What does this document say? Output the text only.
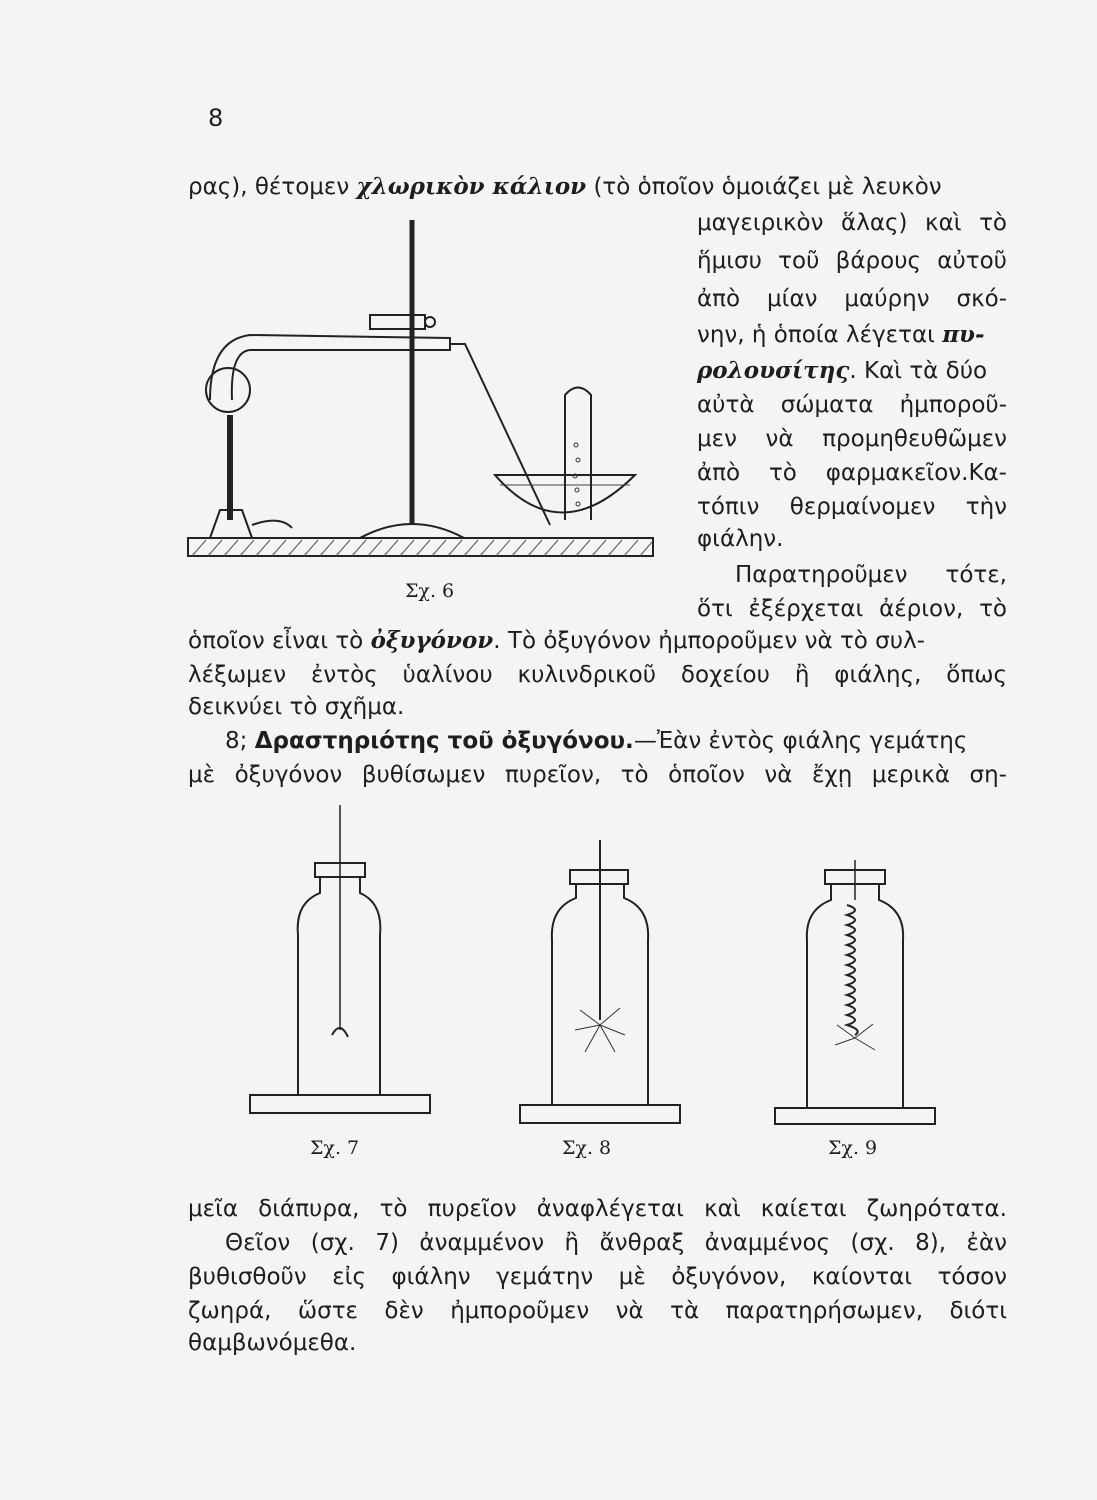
8
ρας), θέτομεν χλωρικὸν κάλιον (τὸ ὁποῖον ὁμοιάζει μὲ λευκὸν
μαγειρικὸν ἅλας) καὶ τὸ
ἥμισυ τοῦ βάρους αὐτοῦ
ἀπὸ μίαν μαύρην σκό-
νην, ἡ ὁποία λέγεται πυ-
ρολουσίτης. Καὶ τὰ δύο
αὐτὰ σώματα ἠμποροῦ-
μεν νὰ προμηθευθῶμεν
ἀπὸ τὸ φαρμακεῖον.Κα-
τόπιν θερμαίνομεν τὴν
φιάλην.
Παρατηροῦμεν τότε,
ὅτι ἐξέρχεται ἀέριον, τὸ
ὁποῖον εἶναι τὸ ὀξυγόνον. Τὸ ὀξυγόνον ἠμποροῦμεν νὰ τὸ συλ-
λέξωμεν ἐντὸς ὑαλίνου κυλινδρικοῦ δοχείου ἢ φιάλης, ὅπως
δεικνύει τὸ σχῆμα.
8; Δραστηριότης τοῦ ὀξυγόνου.—Ἐὰν ἐντὸς φιάλης γεμάτης
μὲ ὀξυγόνον βυθίσωμεν πυρεῖον, τὸ ὁποῖον νὰ ἔχῃ μερικὰ ση-
Σχ. 6
Σχ. 7	Σχ. 8	Σχ. 9
μεῖα διάπυρα, τὸ πυρεῖον ἀναφλέγεται καὶ καίεται ζωηρότατα.
Θεῖον (σχ. 7) ἀναμμένον ἢ ἄνθραξ ἀναμμένος (σχ. 8), ἐὰν
βυθισθοῦν εἰς φιάλην γεμάτην μὲ ὀξυγόνον, καίονται τόσον
ζωηρά, ὥστε δὲν ἠμποροῦμεν νὰ τὰ παρατηρήσωμεν, διότι
θαμβωνόμεθα.
